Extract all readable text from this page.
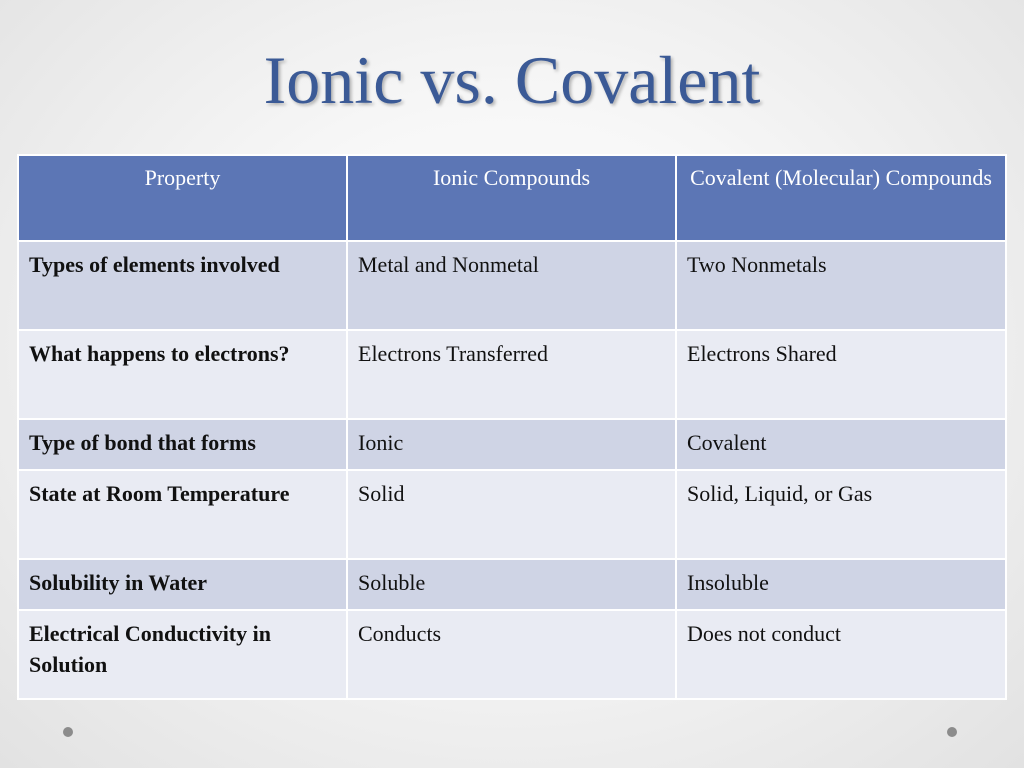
Ionic vs. Covalent
Property	Ionic Compounds	Covalent (Molecular) Compounds
Types of elements involved	Metal and Nonmetal	Two Nonmetals
What happens to electrons?	Electrons Transferred	Electrons Shared
Type of bond that forms	Ionic	Covalent
State at Room Temperature	Solid	Solid, Liquid, or Gas
Solubility in Water	Soluble	Insoluble
Electrical Conductivity in Solution	Conducts	Does not conduct
